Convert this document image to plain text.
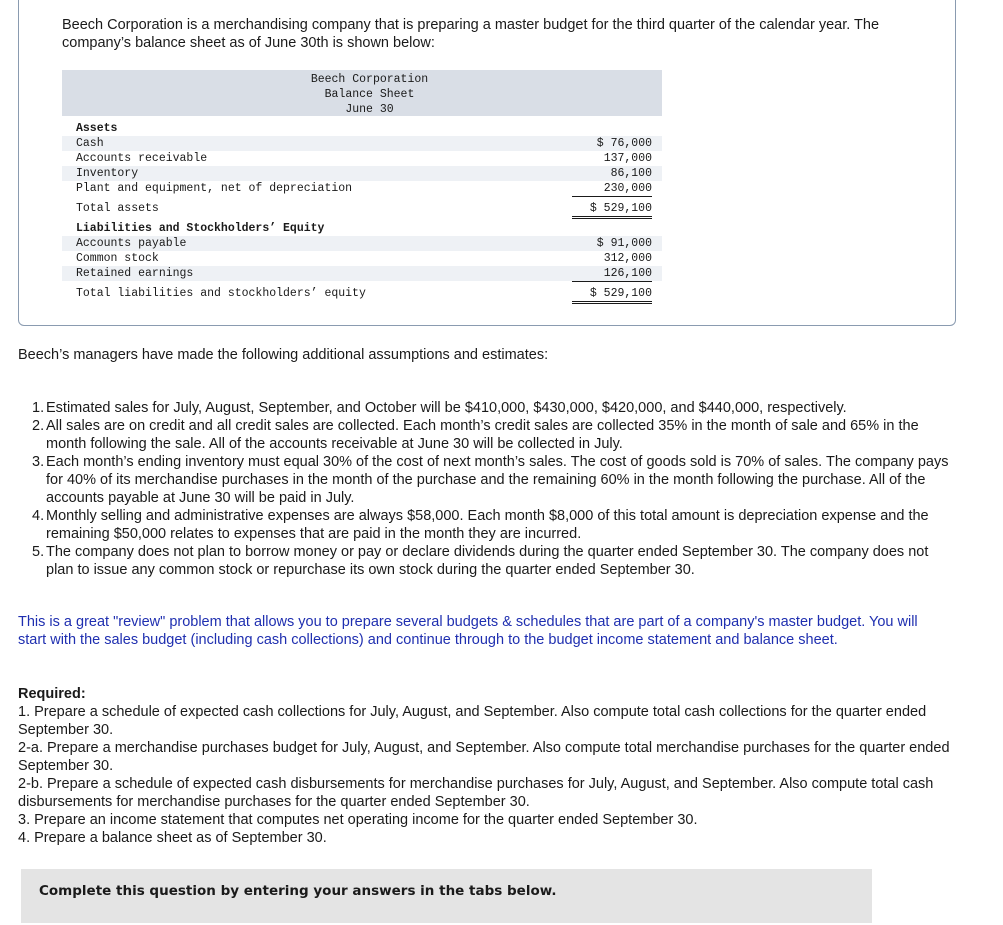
Beech Corporation is a merchandising company that is preparing a master budget for the third quarter of the calendar year. The company’s balance sheet as of June 30th is shown below:

Beech Corporation
Balance Sheet
June 30
Assets
Cash	$ 76,000
Accounts receivable	137,000
Inventory	86,100
Plant and equipment, net of depreciation	230,000
Total assets	$ 529,100
Liabilities and Stockholders’ Equity
Accounts payable	$ 91,000
Common stock	312,000
Retained earnings	126,100
Total liabilities and stockholders’ equity	$ 529,100

Beech’s managers have made the following additional assumptions and estimates:

1. Estimated sales for July, August, September, and October will be $410,000, $430,000, $420,000, and $440,000, respectively.
2. All sales are on credit and all credit sales are collected. Each month’s credit sales are collected 35% in the month of sale and 65% in the month following the sale. All of the accounts receivable at June 30 will be collected in July.
3. Each month’s ending inventory must equal 30% of the cost of next month’s sales. The cost of goods sold is 70% of sales. The company pays for 40% of its merchandise purchases in the month of the purchase and the remaining 60% in the month following the purchase. All of the accounts payable at June 30 will be paid in July.
4. Monthly selling and administrative expenses are always $58,000. Each month $8,000 of this total amount is depreciation expense and the remaining $50,000 relates to expenses that are paid in the month they are incurred.
5. The company does not plan to borrow money or pay or declare dividends during the quarter ended September 30. The company does not plan to issue any common stock or repurchase its own stock during the quarter ended September 30.

This is a great "review" problem that allows you to prepare several budgets & schedules that are part of a company's master budget. You will start with the sales budget (including cash collections) and continue through to the budget income statement and balance sheet.

Required:

1. Prepare a schedule of expected cash collections for July, August, and September. Also compute total cash collections for the quarter ended September 30.

2-a. Prepare a merchandise purchases budget for July, August, and September. Also compute total merchandise purchases for the quarter ended September 30.

2-b. Prepare a schedule of expected cash disbursements for merchandise purchases for July, August, and September. Also compute total cash disbursements for merchandise purchases for the quarter ended September 30.

3. Prepare an income statement that computes net operating income for the quarter ended September 30.

4. Prepare a balance sheet as of September 30.

Complete this question by entering your answers in the tabs below.
